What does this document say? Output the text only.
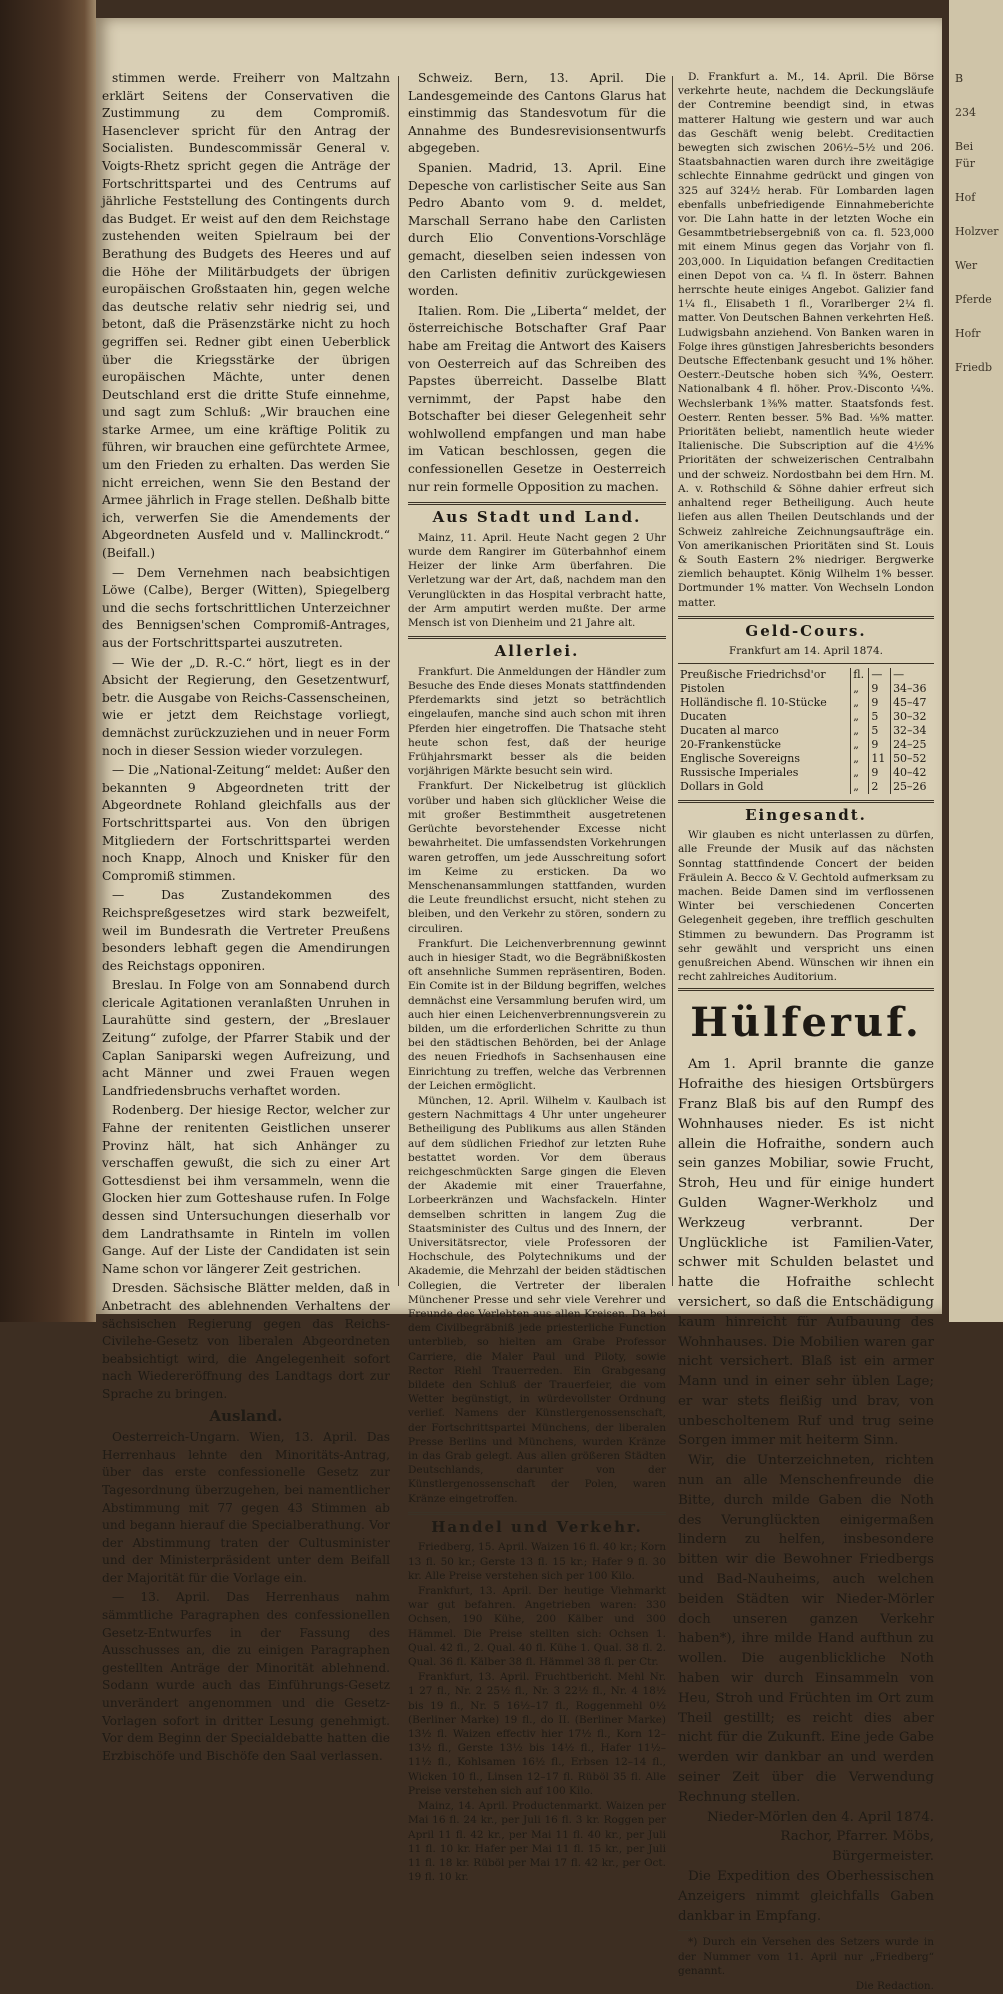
stimmen werde. Freiherr von Maltzahn erklärt Seitens der Conservativen die Zustimmung zu dem Compromiß. Hasenclever spricht für den Antrag der Socialisten. Bundescommissär General v. Voigts-Rhetz spricht gegen die Anträge der Fortschrittspartei und des Centrums auf jährliche Feststellung des Contingents durch das Budget. Er weist auf den dem Reichstage zustehenden weiten Spielraum bei der Berathung des Budgets des Heeres und auf die Höhe der Militärbudgets der übrigen europäischen Großstaaten hin, gegen welche das deutsche relativ sehr niedrig sei, und betont, daß die Präsenzstärke nicht zu hoch gegriffen sei. Redner gibt einen Ueberblick über die Kriegsstärke der übrigen europäischen Mächte, unter denen Deutschland erst die dritte Stufe einnehme, und sagt zum Schluß: „Wir brauchen eine starke Armee, um eine kräftige Politik zu führen, wir brauchen eine gefürchtete Armee, um den Frieden zu erhalten. Das werden Sie nicht erreichen, wenn Sie den Bestand der Armee jährlich in Frage stellen. Deßhalb bitte ich, verwerfen Sie die Amendements der Abgeordneten Ausfeld und v. Mallinckrodt.“ (Beifall.)

— Dem Vernehmen nach beabsichtigen Löwe (Calbe), Berger (Witten), Spiegelberg und die sechs fortschrittlichen Unterzeichner des Bennigsen'schen Compromiß-Antrages, aus der Fortschrittspartei auszutreten.

— Wie der „D. R.-C.“ hört, liegt es in der Absicht der Regierung, den Gesetzentwurf, betr. die Ausgabe von Reichs-Cassenscheinen, wie er jetzt dem Reichstage vorliegt, demnächst zurückzuziehen und in neuer Form noch in dieser Session wieder vorzulegen.

— Die „National-Zeitung“ meldet: Außer den bekannten 9 Abgeordneten tritt der Abgeordnete Rohland gleichfalls aus der Fortschrittspartei aus. Von den übrigen Mitgliedern der Fortschrittspartei werden noch Knapp, Alnoch und Knisker für den Compromiß stimmen.

— Das Zustandekommen des Reichspreßgesetzes wird stark bezweifelt, weil im Bundesrath die Vertreter Preußens besonders lebhaft gegen die Amendirungen des Reichstags opponiren.

Breslau. In Folge von am Sonnabend durch clericale Agitationen veranlaßten Unruhen in Laurahütte sind gestern, der „Breslauer Zeitung“ zufolge, der Pfarrer Stabik und der Caplan Saniparski wegen Aufreizung, und acht Männer und zwei Frauen wegen Landfriedensbruchs verhaftet worden.

Rodenberg. Der hiesige Rector, welcher zur Fahne der renitenten Geistlichen unserer Provinz hält, hat sich Anhänger zu verschaffen gewußt, die sich zu einer Art Gottesdienst bei ihm versammeln, wenn die Glocken hier zum Gotteshause rufen. In Folge dessen sind Untersuchungen dieserhalb vor dem Landrathsamte in Rinteln im vollen Gange. Auf der Liste der Candidaten ist sein Name schon vor längerer Zeit gestrichen.

Dresden. Sächsische Blätter melden, daß in Anbetracht des ablehnenden Verhaltens der sächsischen Regierung gegen das Reichs-Civilehe-Gesetz von liberalen Abgeordneten beabsichtigt wird, die Angelegenheit sofort nach Wiedereröffnung des Landtags dort zur Sprache zu bringen.

Ausland.

Oesterreich-Ungarn. Wien, 13. April. Das Herrenhaus lehnte den Minoritäts-Antrag, über das erste confessionelle Gesetz zur Tagesordnung überzugehen, bei namentlicher Abstimmung mit 77 gegen 43 Stimmen ab und begann hierauf die Specialberathung. Vor der Abstimmung traten der Cultusminister und der Ministerpräsident unter dem Beifall der Majorität für die Vorlage ein.

— 13. April. Das Herrenhaus nahm sämmtliche Paragraphen des confessionellen Gesetz-Entwurfes in der Fassung des Ausschusses an, die zu einigen Paragraphen gestellten Anträge der Minorität ablehnend. Sodann wurde auch das Einführungs-Gesetz unverändert angenommen und die Gesetz-Vorlagen sofort in dritter Lesung genehmigt. Vor dem Beginn der Specialdebatte hatten die Erzbischöfe und Bischöfe den Saal verlassen.

Schweiz. Bern, 13. April. Die Landesgemeinde des Cantons Glarus hat einstimmig das Standesvotum für die Annahme des Bundesrevisionsentwurfs abgegeben.

Spanien. Madrid, 13. April. Eine Depesche von carlistischer Seite aus San Pedro Abanto vom 9. d. meldet, Marschall Serrano habe den Carlisten durch Elio Conventions-Vorschläge gemacht, dieselben seien indessen von den Carlisten definitiv zurückgewiesen worden.

Italien. Rom. Die „Liberta“ meldet, der österreichische Botschafter Graf Paar habe am Freitag die Antwort des Kaisers von Oesterreich auf das Schreiben des Papstes überreicht. Dasselbe Blatt vernimmt, der Papst habe den Botschafter bei dieser Gelegenheit sehr wohlwollend empfangen und man habe im Vatican beschlossen, gegen die confessionellen Gesetze in Oesterreich nur rein formelle Opposition zu machen.

Aus Stadt und Land.

Mainz, 11. April. Heute Nacht gegen 2 Uhr wurde dem Rangirer im Güterbahnhof einem Heizer der linke Arm überfahren. Die Verletzung war der Art, daß, nachdem man den Verunglückten in das Hospital verbracht hatte, der Arm amputirt werden mußte. Der arme Mensch ist von Dienheim und 21 Jahre alt.

Allerlei.

Frankfurt. Die Anmeldungen der Händler zum Besuche des Ende dieses Monats stattfindenden Pferdemarkts sind jetzt so beträchtlich eingelaufen, manche sind auch schon mit ihren Pferden hier eingetroffen. Die Thatsache steht heute schon fest, daß der heurige Frühjahrsmarkt besser als die beiden vorjährigen Märkte besucht sein wird.

Frankfurt. Der Nickelbetrug ist glücklich vorüber und haben sich glücklicher Weise die mit großer Bestimmtheit ausgetretenen Gerüchte bevorstehender Excesse nicht bewahrheitet. Die umfassendsten Vorkehrungen waren getroffen, um jede Ausschreitung sofort im Keime zu ersticken. Da wo Menschenansammlungen stattfanden, wurden die Leute freundlichst ersucht, nicht stehen zu bleiben, und den Verkehr zu stören, sondern zu circuliren.

Frankfurt. Die Leichenverbrennung gewinnt auch in hiesiger Stadt, wo die Begräbnißkosten oft ansehnliche Summen repräsentiren, Boden. Ein Comite ist in der Bildung begriffen, welches demnächst eine Versammlung berufen wird, um auch hier einen Leichenverbrennungsverein zu bilden, um die erforderlichen Schritte zu thun bei den städtischen Behörden, bei der Anlage des neuen Friedhofs in Sachsenhausen eine Einrichtung zu treffen, welche das Verbrennen der Leichen ermöglicht.

München, 12. April. Wilhelm v. Kaulbach ist gestern Nachmittags 4 Uhr unter ungeheurer Betheiligung des Publikums aus allen Ständen auf dem südlichen Friedhof zur letzten Ruhe bestattet worden. Vor dem überaus reichgeschmückten Sarge gingen die Eleven der Akademie mit einer Trauerfahne, Lorbeerkränzen und Wachsfackeln. Hinter demselben schritten in langem Zug die Staatsminister des Cultus und des Innern, der Universitätsrector, viele Professoren der Hochschule, des Polytechnikums und der Akademie, die Mehrzahl der beiden städtischen Collegien, die Vertreter der liberalen Münchener Presse und sehr viele Verehrer und Freunde des Verlebten aus allen Kreisen. Da bei dem Civilbegräbniß jede priesterliche Function unterblieb, so hielten am Grabe Professor Carriere, die Maler Paul und Piloty, sowie Rector Riehl Trauerreden. Ein Grabgesang bildete den Schluß der Trauerfeier, die vom Wetter begünstigt, in würdevollster Ordnung verlief. Namens der Künstlergenossenschaft, der Fortschrittspartei Münchens, der liberalen Presse Berlins und Münchens, wurden Kränze in das Grab gelegt. Aus allen größeren Städten Deutschlands, darunter von der Künstlergenossenschaft der Polen, waren Kränze eingetroffen.

Handel und Verkehr.

Friedberg, 15. April. Waizen 16 fl. 40 kr.; Korn 13 fl. 50 kr.; Gerste 13 fl. 15 kr.; Hafer 9 fl. 30 kr. Alle Preise verstehen sich per 100 Kilo.

Frankfurt, 13. April. Der heutige Viehmarkt war gut befahren. Angetrieben waren: 330 Ochsen, 190 Kühe, 200 Kälber und 300 Hämmel. Die Preise stellten sich: Ochsen 1. Qual. 42 fl., 2. Qual. 40 fl. Kühe 1. Qual. 38 fl. 2. Qual. 36 fl. Kälber 38 fl. Hämmel 38 fl. per Ctr.

Frankfurt, 13. April. Fruchtbericht. Mehl Nr. 1 27 fl., Nr. 2 25½ fl., Nr. 3 22½ fl., Nr. 4 18½ bis 19 fl., Nr. 5 16½–17 fl., Roggenmehl 0½ (Berliner Marke) 19 fl., do II. (Berliner Marke) 13½ fl. Waizen effectiv hier 17½ fl., Korn 12–13½ fl., Gerste 13½ bis 14½ fl., Hafer 11½– 11½ fl., Kohlsamen 16½ fl., Erbsen 12–14 fl., Wicken 10 fl., Linsen 12–17 fl. Rüböl 35 fl. Alle Preise verstehen sich auf 100 Kilo.

Mainz, 14. April. Productenmarkt. Waizen per Mai 16 fl. 24 kr., per Juli 16 fl. 3 kr. Roggen per April 11 fl. 42 kr., per Mai 11 fl. 40 kr., per Juli 11 fl. 10 kr. Hafer per Mai 11 fl. 15 kr., per Juli 11 fl. 18 kr. Rüböl per Mai 17 fl. 42 kr., per Oct. 19 fl. 10 kr.

D. Frankfurt a. M., 14. April. Die Börse verkehrte heute, nachdem die Deckungsläufe der Contremine beendigt sind, in etwas matterer Haltung wie gestern und war auch das Geschäft wenig belebt. Creditactien bewegten sich zwischen 206½–5½ und 206. Staatsbahnactien waren durch ihre zweitägige schlechte Einnahme gedrückt und gingen von 325 auf 324½ herab. Für Lombarden lagen ebenfalls unbefriedigende Einnahmeberichte vor. Die Lahn hatte in der letzten Woche ein Gesammtbetriebsergebniß von ca. fl. 523,000 mit einem Minus gegen das Vorjahr von fl. 203,000. In Liquidation befangen Creditactien einen Depot von ca. ¼ fl. In österr. Bahnen herrschte heute einiges Angebot. Galizier fand 1¼ fl., Elisabeth 1 fl., Vorarlberger 2¼ fl. matter. Von Deutschen Bahnen verkehrten Heß. Ludwigsbahn anziehend. Von Banken waren in Folge ihres günstigen Jahresberichts besonders Deutsche Effectenbank gesucht und 1% höher. Oesterr.-Deutsche hoben sich ¾%, Oesterr. Nationalbank 4 fl. höher. Prov.-Disconto ¼%. Wechslerbank 1⅜% matter. Staatsfonds fest. Oesterr. Renten besser. 5% Bad. ⅛% matter. Prioritäten beliebt, namentlich heute wieder Italienische. Die Subscription auf die 4½% Prioritäten der schweizerischen Centralbahn und der schweiz. Nordostbahn bei dem Hrn. M. A. v. Rothschild & Söhne dahier erfreut sich anhaltend reger Betheiligung. Auch heute liefen aus allen Theilen Deutschlands und der Schweiz zahlreiche Zeichnungsaufträge ein. Von amerikanischen Prioritäten sind St. Louis & South Eastern 2% niedriger. Bergwerke ziemlich behauptet. König Wilhelm 1% besser. Dortmunder 1% matter. Von Wechseln London matter.

Geld-Cours.
Frankfurt am 14. April 1874.
Preußische Friedrichsd'or	fl.	—	—
Pistolen	„	9	34–36
Holländische fl. 10-Stücke	„	9	45–47
Ducaten	„	5	30–32
Ducaten al marco	„	5	32–34
20-Frankenstücke	„	9	24–25
Englische Sovereigns	„	11	50–52
Russische Imperiales	„	9	40–42
Dollars in Gold	„	2	25–26
Eingesandt.

Wir glauben es nicht unterlassen zu dürfen, alle Freunde der Musik auf das nächsten Sonntag stattfindende Concert der beiden Fräulein A. Becco & V. Gechtold aufmerksam zu machen. Beide Damen sind im verflossenen Winter bei verschiedenen Concerten Gelegenheit gegeben, ihre trefflich geschulten Stimmen zu bewundern. Das Programm ist sehr gewählt und verspricht uns einen genußreichen Abend. Wünschen wir ihnen ein recht zahlreiches Auditorium.

Hülferuf.

Am 1. April brannte die ganze Hofraithe des hiesigen Ortsbürgers Franz Blaß bis auf den Rumpf des Wohnhauses nieder. Es ist nicht allein die Hofraithe, sondern auch sein ganzes Mobiliar, sowie Frucht, Stroh, Heu und für einige hundert Gulden Wagner-Werkholz und Werkzeug verbrannt. Der Unglückliche ist Familien-Vater, schwer mit Schulden belastet und hatte die Hofraithe schlecht versichert, so daß die Entschädigung kaum hinreicht für Aufbauung des Wohnhauses. Die Mobilien waren gar nicht versichert. Blaß ist ein armer Mann und in einer sehr üblen Lage; er war stets fleißig und brav, von unbescholtenem Ruf und trug seine Sorgen immer mit heiterm Sinn.

Wir, die Unterzeichneten, richten nun an alle Menschenfreunde die Bitte, durch milde Gaben die Noth des Verunglückten einigermaßen lindern zu helfen, insbesondere bitten wir die Bewohner Friedbergs und Bad-Nauheims, auch welchen beiden Städten wir Nieder-Mörler doch unseren ganzen Verkehr haben*), ihre milde Hand aufthun zu wollen. Die augenblickliche Noth haben wir durch Einsammeln von Heu, Stroh und Früchten im Ort zum Theil gestillt; es reicht dies aber nicht für die Zukunft. Eine jede Gabe werden wir dankbar an und werden seiner Zeit über die Verwendung Rechnung stellen.

Nieder-Mörlen den 4. April 1874.

Rachor, Pfarrer. Möbs, Bürgermeister.

Die Expedition des Oberhessischen Anzeigers nimmt gleichfalls Gaben dankbar in Empfang.

*) Durch ein Versehen des Setzers wurde in der Nummer vom 11. April nur „Friedberg“ genannt.

Die Redaction.

B

234

Bei
Für

Hof

Holzver

Wer

Pferde

Hofr

Friedb
